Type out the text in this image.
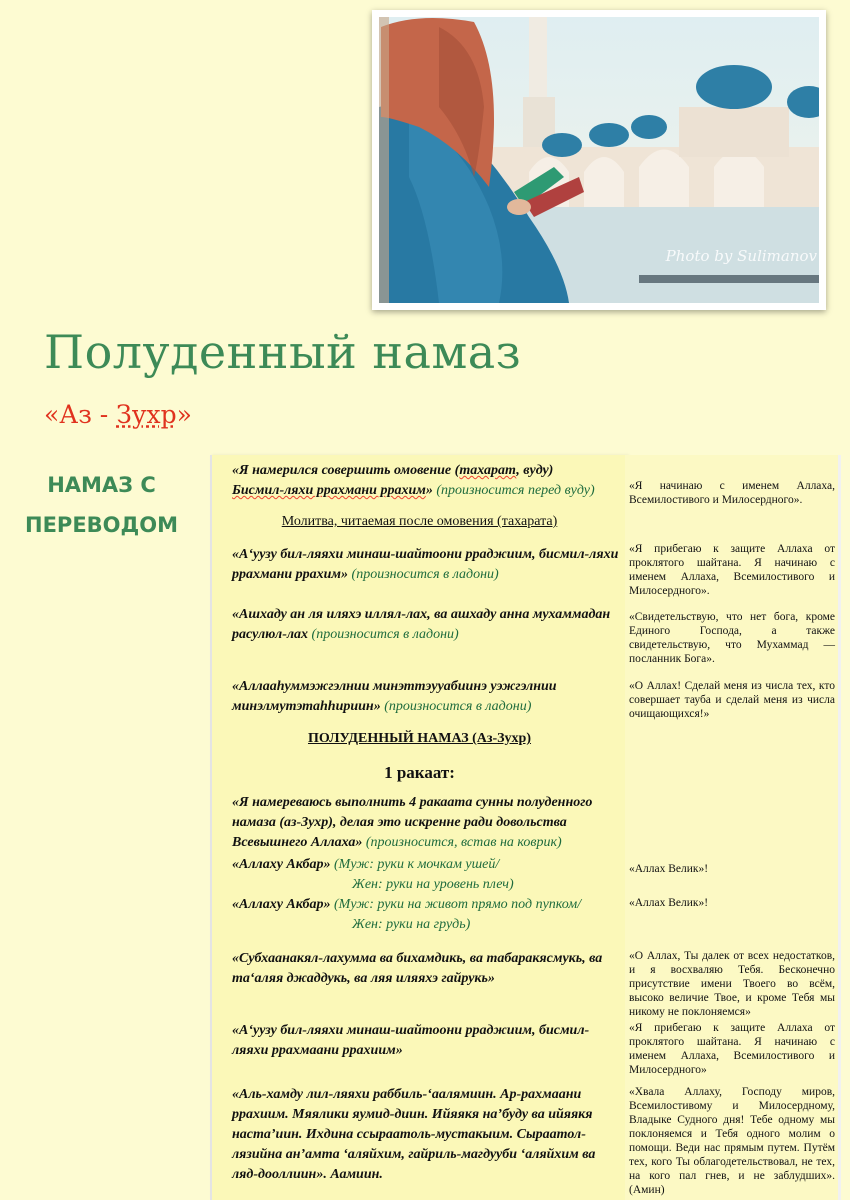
Photo by Sulimanov
Полуденный намаз
«Аз - Зухр»
НАМАЗ С
ПЕРЕВОДОМ
«Я намерился совершить омовение (тахарат, вуду)
Бисмил-ляхи ррахмани ррахим» (произносится перед вуду)
Молитва, читаемая после омовения (тахарата)
«А‘уузу бил-ляяхи минаш-шайтоони рраджиим, бисмил-ляхи ррахмани ррахим» (произносится в ладони)
«Ашхаду ан ля иляхэ иллял-лах, ва ашхаду анна мухаммадан расулюл-лах (произносится в ладони)
«Аллааhуммэжгэлнии минэттэууабиинэ уэжгэлнии минэлмутэтаhhириин» (произносится в ладони)
ПОЛУДЕННЫЙ НАМАЗ (Аз-Зухр)
1 ракаат:
«Я намереваюсь выполнить 4 ракаата сунны полуденного намаза (аз-Зухр), делая это искренне ради довольства Всевышнего Аллаха» (произносится, встав на коврик)
«Аллаху Акбар» (Муж: руки к мочкам ушей/
Жен: руки на уровень плеч)
«Аллаху Акбар» (Муж: руки на живот прямо под пупком/
Жен: руки на грудь)
«Субхаанакял-лахумма ва бихамдикь, ва табаракясмукь, ва та‘аляя джаддукь, ва ляя иляяхэ гайрукь»
«А‘уузу бил-ляяхи минаш-шайтоони рраджиим, бисмил-ляяхи ррахмаани ррахиим»
«Аль-хамду лил-ляяхи раббиль-‘аалямиин. Ар-рахмаани ррахиим. Мяялики яумид-диин. Ийяякя на’буду ва ийяякя наста’иин. Ихдина ссыраатоль-мустакыим. Сыраатол-лязийна ан’амта ‘аляйхим, гайриль-магдууби ‘аляйхим ва ляд-дооллиин». Аамиин.
«Я начинаю с именем Аллаха, Всемилостивого и Милосердного».
«Я прибегаю к защите Аллаха от проклятого шайтана. Я начинаю с именем Аллаха, Всемилостивого и Милосердного».
«Свидетельствую, что нет бога, кроме Единого Господа, а также свидетельствую, что Мухаммад — посланник Бога».
«О Аллах! Сделай меня из числа тех, кто совершает тауба и сделай меня из числа очищающихся!»
«Аллах Велик»!
«Аллах Велик»!
«О Аллах, Ты далек от всех недостатков, и я восхваляю Тебя. Бесконечно присутствие имени Твоего во всём, высоко величие Твое, и кроме Тебя мы никому не поклоняемся»
«Я прибегаю к защите Аллаха от проклятого шайтана. Я начинаю с именем Аллаха, Всемилостивого и Милосердного»
«Хвала Аллаху, Господу миров, Всемилостивому и Милосердному, Владыке Судного дня! Тебе одному мы поклоняемся и Тебя одного молим о помощи. Веди нас прямым путем. Путём тех, кого Ты облагодетельствовал, не тех, на кого пал гнев, и не заблудших». (Амин)
